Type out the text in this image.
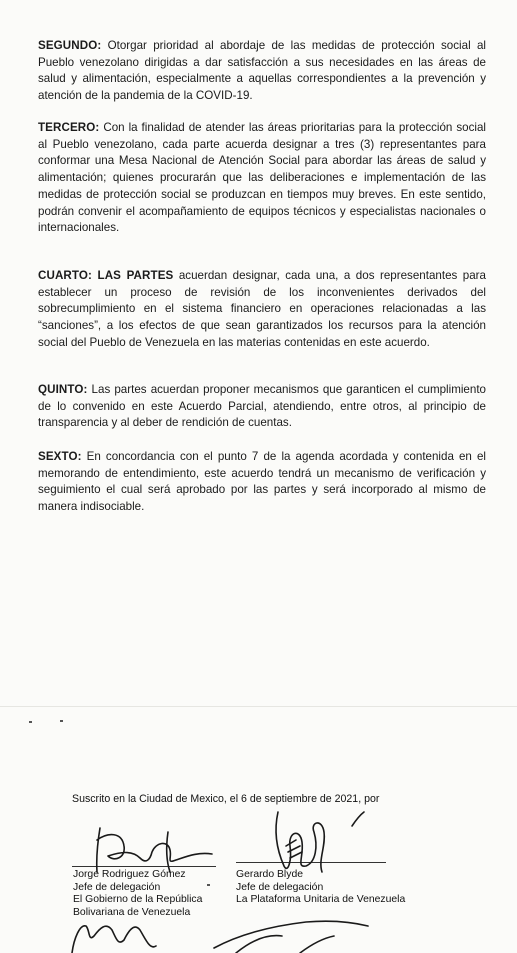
SEGUNDO: Otorgar prioridad al abordaje de las medidas de protección social al Pueblo venezolano dirigidas a dar satisfacción a sus necesidades en las áreas de salud y alimentación, especialmente a aquellas correspondientes a la prevención y atención de la pandemia de la COVID-19.

TERCERO: Con la finalidad de atender las áreas prioritarias para la protección social al Pueblo venezolano, cada parte acuerda designar a tres (3) representantes para conformar una Mesa Nacional de Atención Social para abordar las áreas de salud y alimentación; quienes procurarán que las deliberaciones e implementación de las medidas de protección social se produzcan en tiempos muy breves. En este sentido, podrán convenir el acompañamiento de equipos técnicos y especialistas nacionales o internacionales.

CUARTO: LAS PARTES acuerdan designar, cada una, a dos representantes para establecer un proceso de revisión de los inconvenientes derivados del sobrecumplimiento en el sistema financiero en operaciones relacionadas a las “sanciones”, a los efectos de que sean garantizados los recursos para la atención social del Pueblo de Venezuela en las materias contenidas en este acuerdo.

QUINTO: Las partes acuerdan proponer mecanismos que garanticen el cumplimiento de lo convenido en este Acuerdo Parcial, atendiendo, entre otros, al principio de transparencia y al deber de rendición de cuentas.

SEXTO: En concordancia con el punto 7 de la agenda acordada y contenida en el memorando de entendimiento, este acuerdo tendrá un mecanismo de verificación y seguimiento el cual será aprobado por las partes y será incorporado al mismo de manera indisociable.

Suscrito en la Ciudad de Mexico, el 6 de septiembre de 2021, por
Jorge Rodriguez Gómez
Jefe de delegación
El Gobierno de la República
Bolivariana de Venezuela
Gerardo Blyde
Jefe de delegación
La Plataforma Unitaria de Venezuela
